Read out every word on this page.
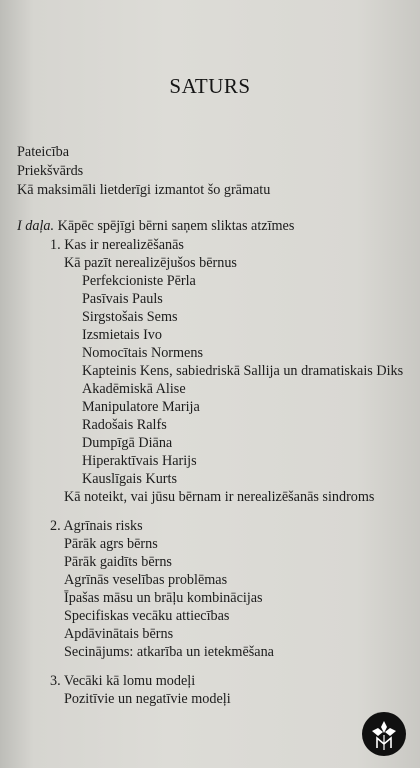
SATURS
Pateicība
Priekšvārds
Kā maksimāli lietderīgi izmantot šo grāmatu
I daļa. Kāpēc spējīgi bērni saņem sliktas atzīmes
1. Kas ir nerealizēšanās
Kā pazīt nerealizējušos bērnus
Perfekcioniste Pērla
Pasīvais Pauls
Sirgstošais Sems
Izsmietais Ivo
Nomocītais Normens
Kapteinis Kens, sabiedriskā Sallija un dramatiskais Diks
Akadēmiskā Alise
Manipulatore Marija
Radošais Ralfs
Dumpīgā Diāna
Hiperaktīvais Harijs
Kauslīgais Kurts
Kā noteikt, vai jūsu bērnam ir nerealizēšanās sindroms
2. Agrīnais risks
Pārāk agrs bērns
Pārāk gaidīts bērns
Agrīnās veselības problēmas
Īpašas māsu un brāļu kombinācijas
Specifiskas vecāku attiecības
Apdāvinātais bērns
Secinājums: atkarība un ietekmēšana
3. Vecāki kā lomu modeļi
Pozitīvie un negatīvie modeļi
